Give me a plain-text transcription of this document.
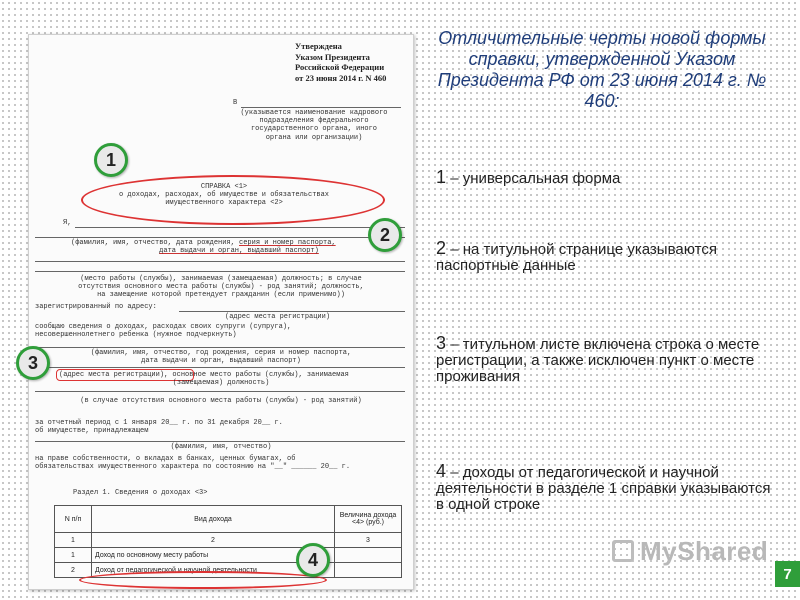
Утверждена
Указом Президента
Российской Федерации
от 23 июня 2014 г. N 460
В
(указывается наименование кадрового
подразделения федерального
государственного органа, иного
органа или организации)
СПРАВКА <1>
о доходах, расходах, об имуществе и обязательствах
имущественного характера <2>
Я,
(фамилия, имя, отчество, дата рождения, серия и номер паспорта,
дата выдачи и орган, выдавший паспорт)
(место работы (службы), занимаемая (замещаемая) должность; в случае
отсутствия основного места работы (службы) - род занятий; должность,
на замещение которой претендует гражданин (если применимо))
зарегистрированный по адресу:
(адрес места регистрации)
сообщаю сведения о доходах, расходах своих супруги (супруга),
несовершеннолетнего ребенка (нужное подчеркнуть)
(фамилия, имя, отчество, год рождения, серия и номер паспорта,
дата выдачи и орган, выдавший паспорт)
(адрес места регистрации), основное место работы (службы), занимаемая
(замещаемая) должность)
(в случае отсутствия основного места работы (службы) - род занятий)
за отчетный период с 1 января 20__ г. по 31 декабря 20__ г.
об имуществе, принадлежащем
(фамилия, имя, отчество)
на праве собственности, о вкладах в банках, ценных бумагах, об
обязательствах имущественного характера по состоянию на "__" ______ 20__ г.
Раздел 1. Сведения о доходах <3>
N п/п	Вид дохода	Величина дохода <4> (руб.)
1	2	3
1	Доход по основному месту работы	
2	Доход от педагогической и научной деятельности	
1
2
3
4
Отличительные черты новой формы справки, утвержденной Указом Президента РФ от 23 июня 2014 г. № 460:
1 – универсальная форма
2 – на титульной странице указываются паспортные данные
3 – титульном листе включена строка о месте регистрации, а также исключен пункт о месте проживания
4 – доходы от педагогической и научной деятельности в разделе 1 справки указываются в одной строке
MyShared
7
